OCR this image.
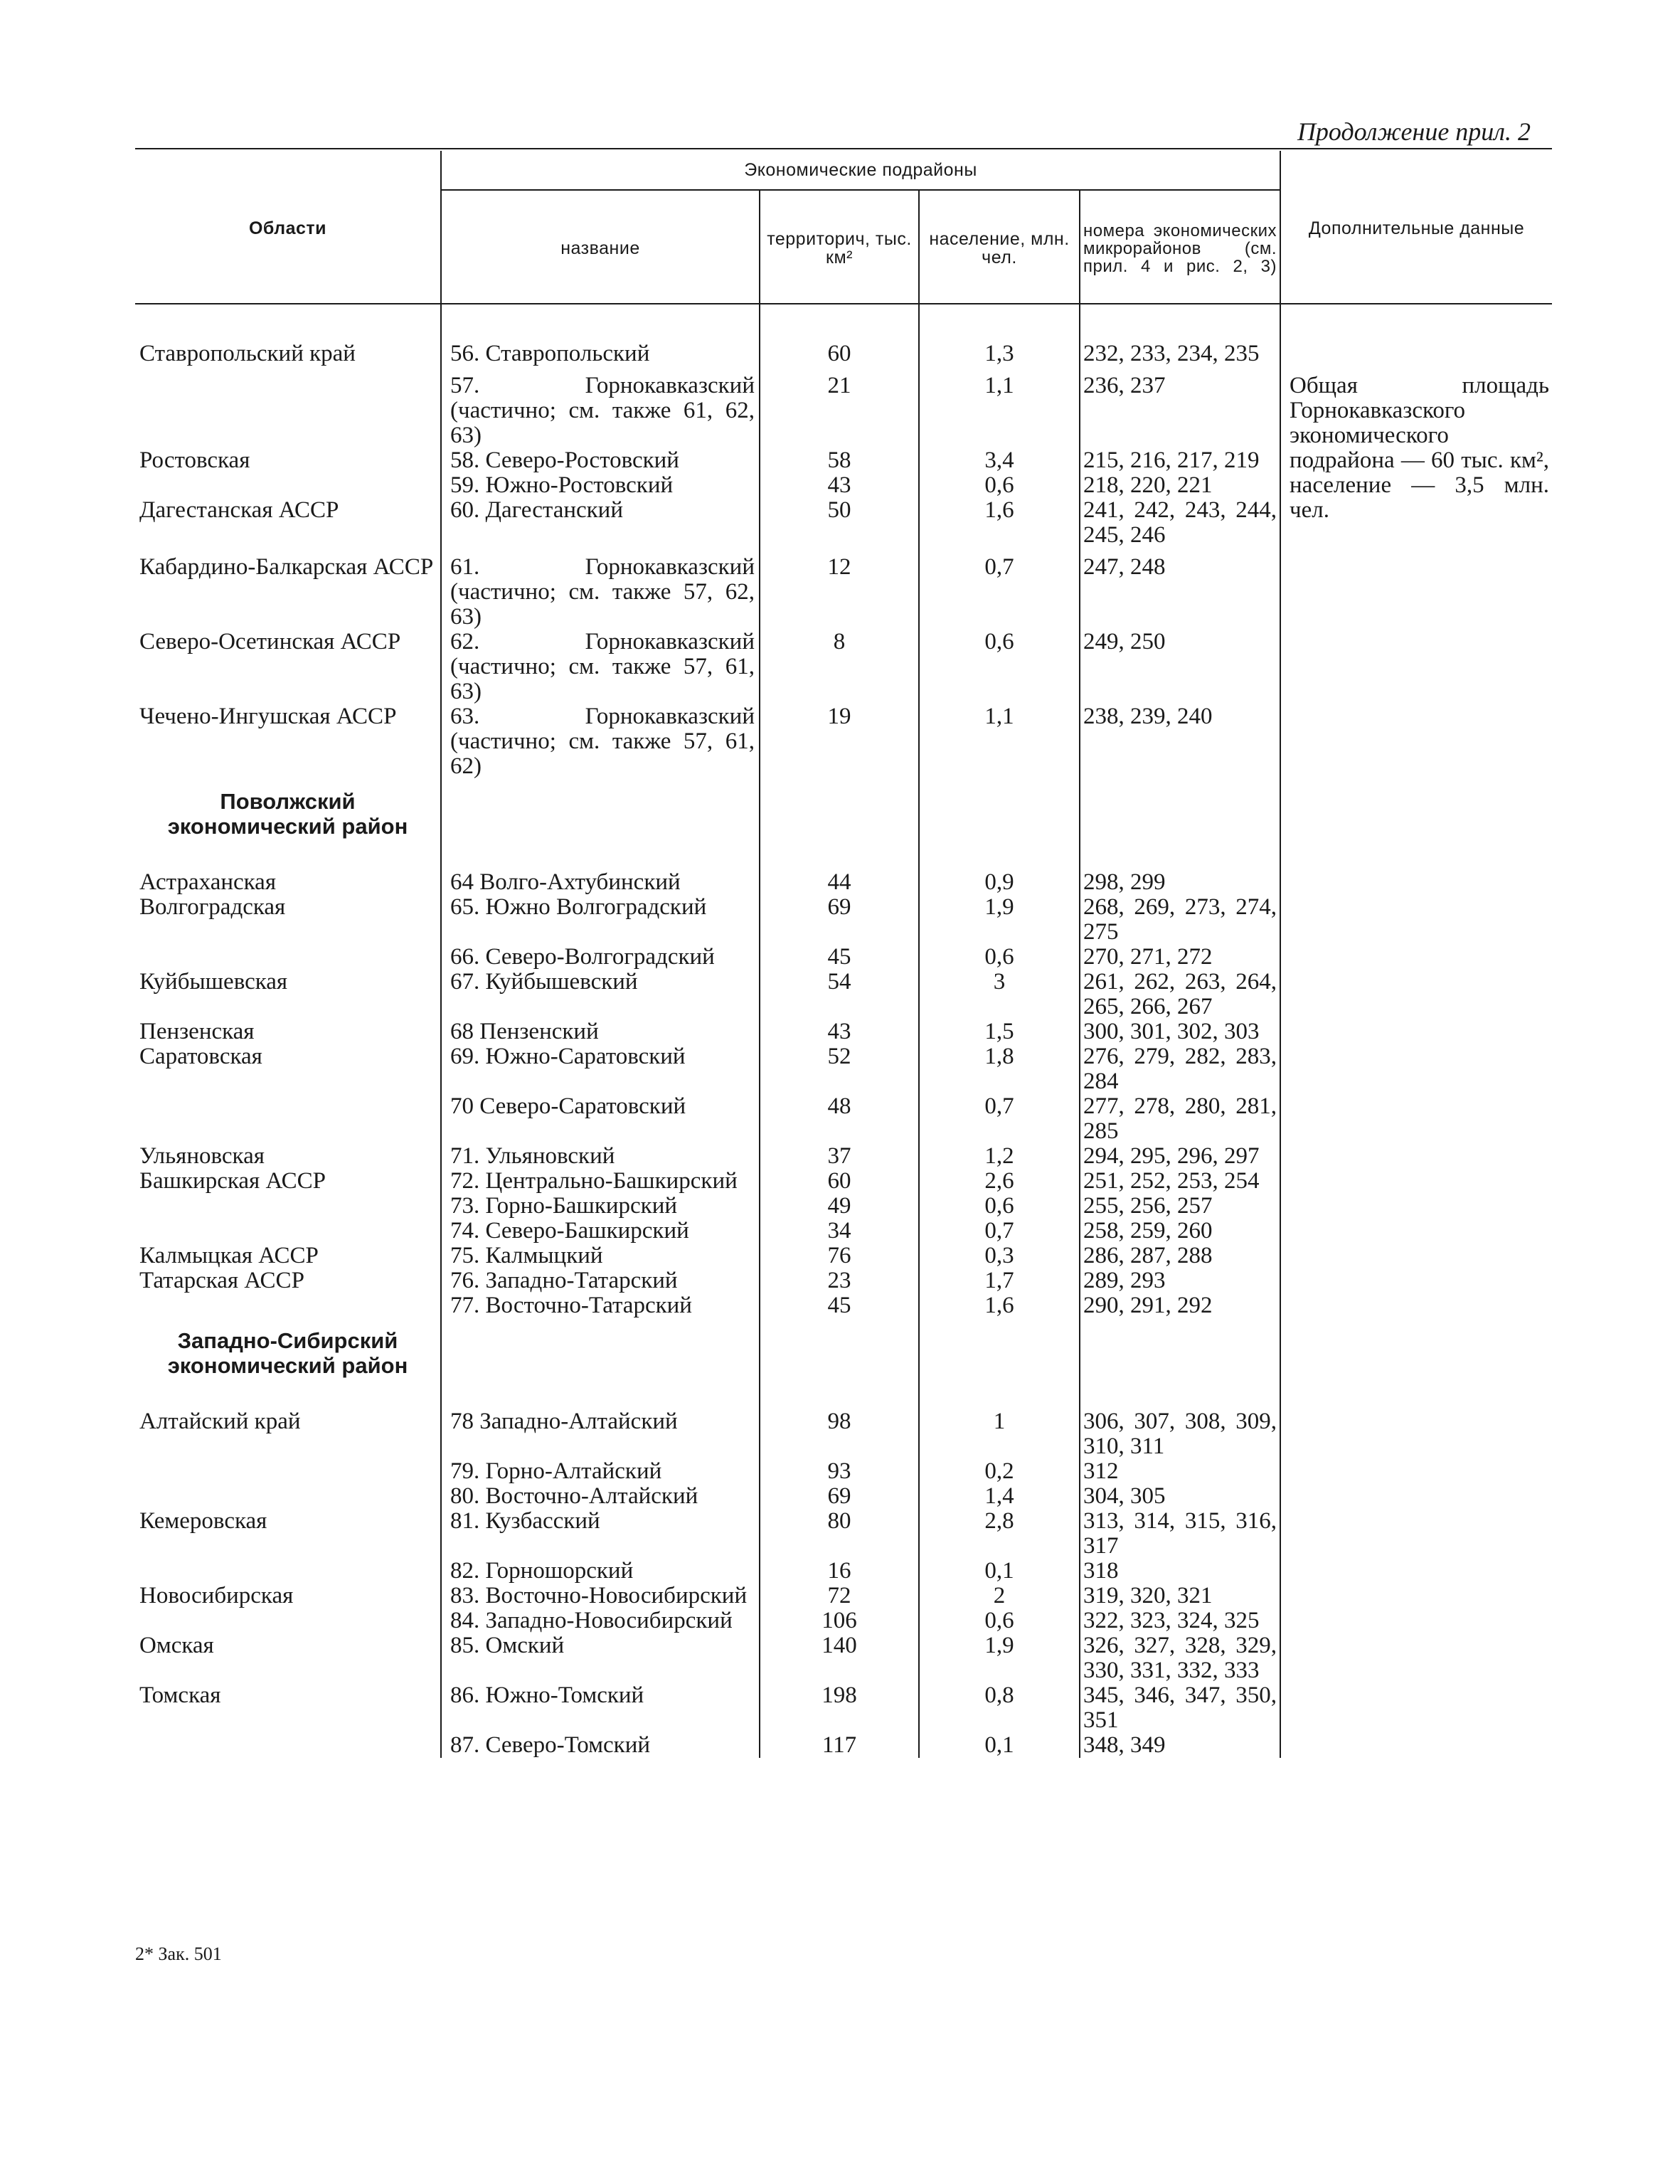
Продолжение прил. 2
Области	Экономические подрайоны				Дополнительные данные
	название	территорич, тыс. км²	население, млн. чел.	номера экономических микрорайонов (см. прил. 4 и рис. 2, 3)	

Ставропольский край	56. Ставропольский	60	1,3	232, 233, 234, 235	
	57. Горнокавказский (частично; см. также 61, 62, 63)	21	1,1	236, 237	Общая площадь Горнокавказского экономического подрайона — 60 тыс. км², население — 3,5 млн. чел.
Ростовская	58. Северо-Ростовский	58	3,4	215, 216, 217, 219	
	59. Южно-Ростовский	43	0,6	218, 220, 221	
Дагестанская АССР	60. Дагестанский	50	1,6	241, 242, 243, 244, 245, 246	
Кабардино-Балкарская АССР	61. Горнокавказский (частично; см. также 57, 62, 63)	12	0,7	247, 248	
Северо-Осетинская АССР	62. Горнокавказский (частично; см. также 57, 61, 63)	8	0,6	249, 250	
Чечено-Ингушская АССР	63. Горнокавказский (частично; см. также 57, 61, 62)	19	1,1	238, 239, 240	
Поволжский экономический район					

Астраханская	64 Волго-Ахтубинский	44	0,9	298, 299	
Волгоградская	65. Южно Волгоградский	69	1,9	268, 269, 273, 274, 275	
	66. Северо-Волгоградский	45	0,6	270, 271, 272	
Куйбышевская	67. Куйбышевский	54	3	261, 262, 263, 264, 265, 266, 267	
Пензенская	68 Пензенский	43	1,5	300, 301, 302, 303	
Саратовская	69. Южно-Саратовский	52	1,8	276, 279, 282, 283, 284	
	70 Северо-Саратовский	48	0,7	277, 278, 280, 281, 285	
Ульяновская	71. Ульяновский	37	1,2	294, 295, 296, 297	
Башкирская АССР	72. Центрально-Башкирский	60	2,6	251, 252, 253, 254	
	73. Горно-Башкирский	49	0,6	255, 256, 257	
	74. Северо-Башкирский	34	0,7	258, 259, 260	
Калмыцкая АССР	75. Калмыцкий	76	0,3	286, 287, 288	
Татарская АССР	76. Западно-Татарский	23	1,7	289, 293	
	77. Восточно-Татарский	45	1,6	290, 291, 292	
Западно-Сибирский экономический район					

Алтайский край	78 Западно-Алтайский	98	1	306, 307, 308, 309, 310, 311	
	79. Горно-Алтайский	93	0,2	312	
	80. Восточно-Алтайский	69	1,4	304, 305	
Кемеровская	81. Кузбасский	80	2,8	313, 314, 315, 316, 317	
	82. Горношорский	16	0,1	318	
Новосибирская	83. Восточно-Новосибирский	72	2	319, 320, 321	
	84. Западно-Новосибирский	106	0,6	322, 323, 324, 325	
Омская	85. Омский	140	1,9	326, 327, 328, 329, 330, 331, 332, 333	
Томская	86. Южно-Томский	198	0,8	345, 346, 347, 350, 351	
	87. Северо-Томский	117	0,1	348, 349	
2* Зак. 501
